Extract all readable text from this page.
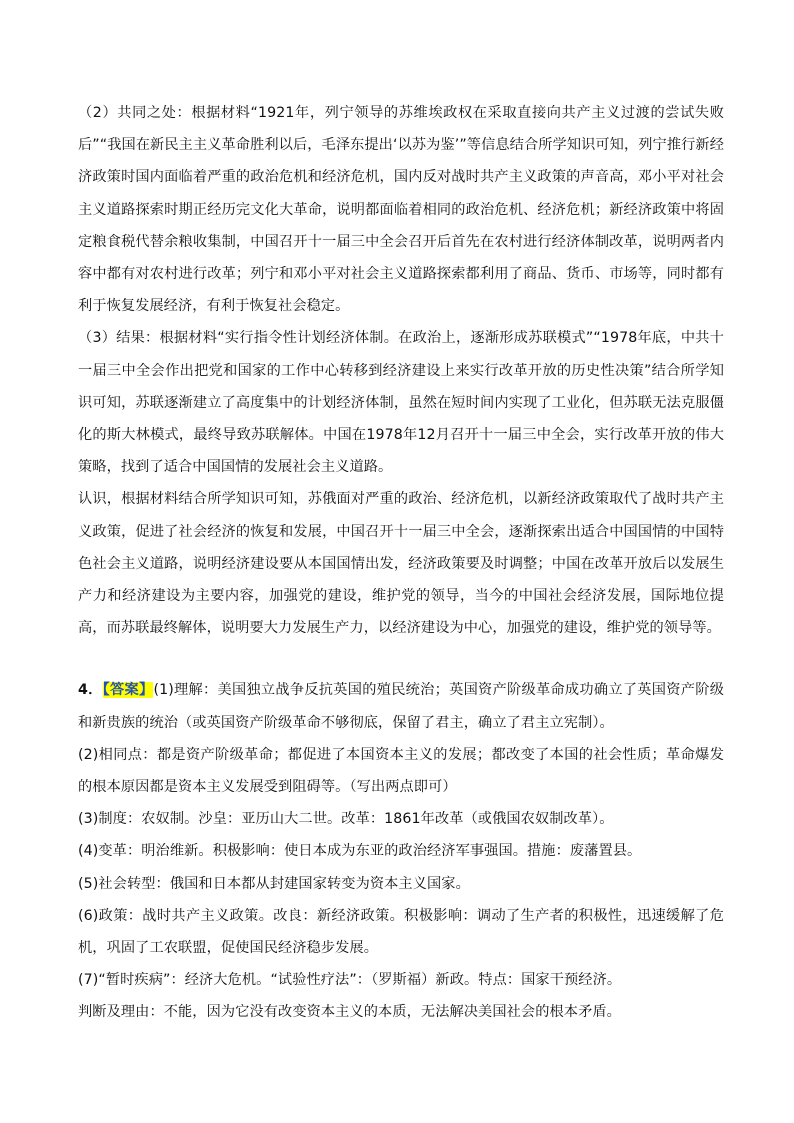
（2）共同之处：根据材料“1921年，列宁领导的苏维埃政权在采取直接向共产主义过渡的尝试失败后”“我国在新民主主义革命胜利以后，毛泽东提出‘以苏为鉴’”等信息结合所学知识可知，列宁推行新经济政策时国内面临着严重的政治危机和经济危机，国内反对战时共产主义政策的声音高，邓小平对社会主义道路探索时期正经历完文化大革命，说明都面临着相同的政治危机、经济危机；新经济政策中将固定粮食税代替余粮收集制，中国召开十一届三中全会召开后首先在农村进行经济体制改革，说明两者内容中都有对农村进行改革；列宁和邓小平对社会主义道路探索都利用了商品、货币、市场等，同时都有利于恢复发展经济，有利于恢复社会稳定。

（3）结果：根据材料“实行指令性计划经济体制。在政治上，逐渐形成苏联模式”“1978年底，中共十一届三中全会作出把党和国家的工作中心转移到经济建设上来实行改革开放的历史性决策”结合所学知识可知，苏联逐渐建立了高度集中的计划经济体制，虽然在短时间内实现了工业化，但苏联无法克服僵化的斯大林模式，最终导致苏联解体。中国在1978年12月召开十一届三中全会，实行改革开放的伟大策略，找到了适合中国国情的发展社会主义道路。

认识，根据材料结合所学知识可知，苏俄面对严重的政治、经济危机，以新经济政策取代了战时共产主义政策，促进了社会经济的恢复和发展，中国召开十一届三中全会，逐渐探索出适合中国国情的中国特色社会主义道路，说明经济建设要从本国国情出发，经济政策要及时调整；中国在改革开放后以发展生产力和经济建设为主要内容，加强党的建设，维护党的领导，当今的中国社会经济发展，国际地位提高，而苏联最终解体，说明要大力发展生产力，以经济建设为中心，加强党的建设，维护党的领导等。

4．【答案】(1)理解：美国独立战争反抗英国的殖民统治；英国资产阶级革命成功确立了英国资产阶级和新贵族的统治（或英国资产阶级革命不够彻底，保留了君主，确立了君主立宪制）。

(2)相同点：都是资产阶级革命；都促进了本国资本主义的发展；都改变了本国的社会性质；革命爆发的根本原因都是资本主义发展受到阻碍等。（写出两点即可）

(3)制度：农奴制。沙皇：亚历山大二世。改革：1861年改革（或俄国农奴制改革）。

(4)变革：明治维新。积极影响：使日本成为东亚的政治经济军事强国。措施：废藩置县。

(5)社会转型：俄国和日本都从封建国家转变为资本主义国家。

(6)政策：战时共产主义政策。改良：新经济政策。积极影响：调动了生产者的积极性，迅速缓解了危机，巩固了工农联盟，促使国民经济稳步发展。

(7)“暂时疾病”：经济大危机。“试验性疗法”：（罗斯福）新政。特点：国家干预经济。

判断及理由：不能，因为它没有改变资本主义的本质，无法解决美国社会的根本矛盾。
